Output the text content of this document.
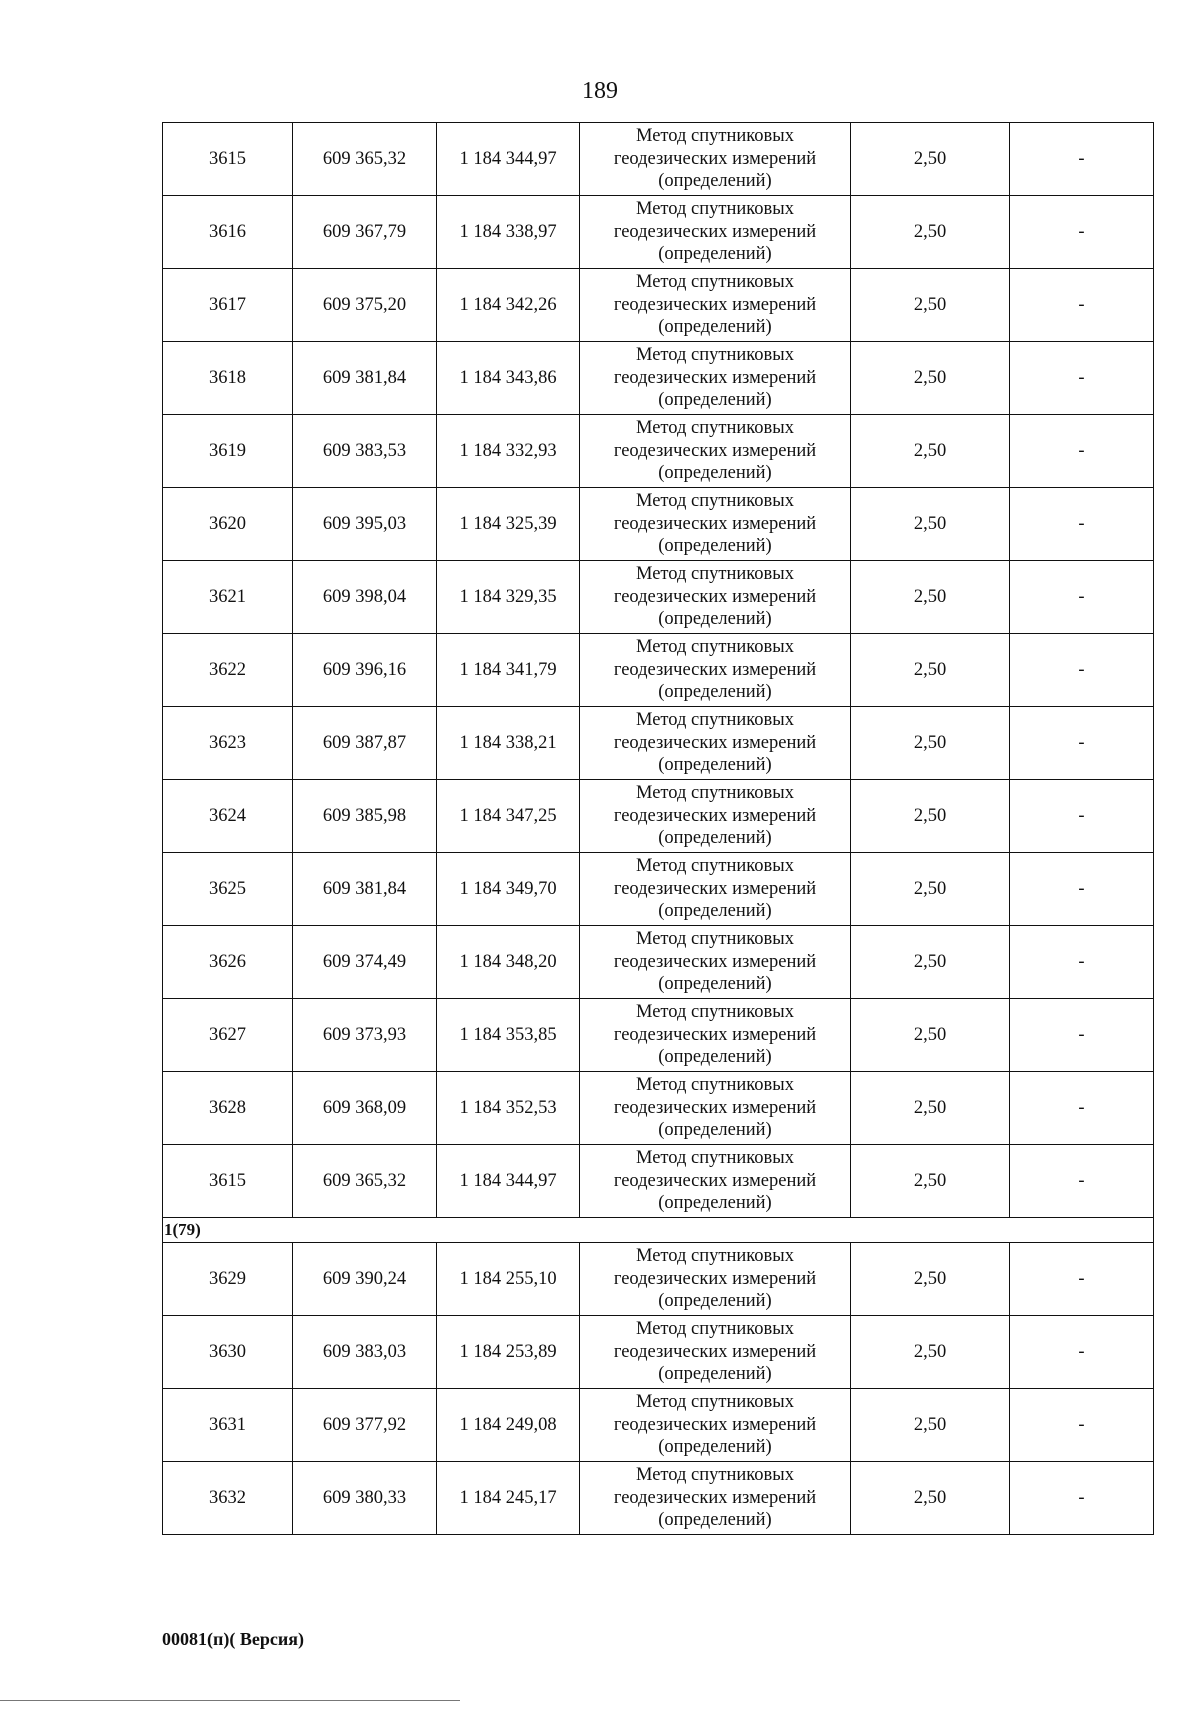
189
3615	609 365,32	1 184 344,97	Метод спутниковых
геодезических измерений
(определений)	2,50	-
3616	609 367,79	1 184 338,97	Метод спутниковых
геодезических измерений
(определений)	2,50	-
3617	609 375,20	1 184 342,26	Метод спутниковых
геодезических измерений
(определений)	2,50	-
3618	609 381,84	1 184 343,86	Метод спутниковых
геодезических измерений
(определений)	2,50	-
3619	609 383,53	1 184 332,93	Метод спутниковых
геодезических измерений
(определений)	2,50	-
3620	609 395,03	1 184 325,39	Метод спутниковых
геодезических измерений
(определений)	2,50	-
3621	609 398,04	1 184 329,35	Метод спутниковых
геодезических измерений
(определений)	2,50	-
3622	609 396,16	1 184 341,79	Метод спутниковых
геодезических измерений
(определений)	2,50	-
3623	609 387,87	1 184 338,21	Метод спутниковых
геодезических измерений
(определений)	2,50	-
3624	609 385,98	1 184 347,25	Метод спутниковых
геодезических измерений
(определений)	2,50	-
3625	609 381,84	1 184 349,70	Метод спутниковых
геодезических измерений
(определений)	2,50	-
3626	609 374,49	1 184 348,20	Метод спутниковых
геодезических измерений
(определений)	2,50	-
3627	609 373,93	1 184 353,85	Метод спутниковых
геодезических измерений
(определений)	2,50	-
3628	609 368,09	1 184 352,53	Метод спутниковых
геодезических измерений
(определений)	2,50	-
3615	609 365,32	1 184 344,97	Метод спутниковых
геодезических измерений
(определений)	2,50	-
1(79)					
3629	609 390,24	1 184 255,10	Метод спутниковых
геодезических измерений
(определений)	2,50	-
3630	609 383,03	1 184 253,89	Метод спутниковых
геодезических измерений
(определений)	2,50	-
3631	609 377,92	1 184 249,08	Метод спутниковых
геодезических измерений
(определений)	2,50	-
3632	609 380,33	1 184 245,17	Метод спутниковых
геодезических измерений
(определений)	2,50	-
00081(п)( Версия)
